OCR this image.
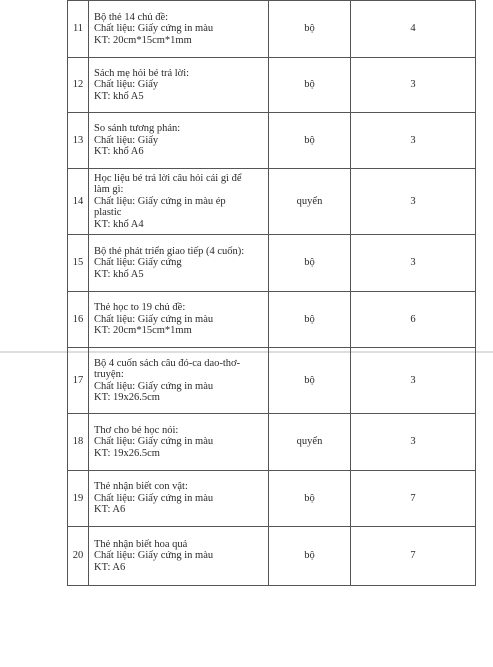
11	Bộ thẻ 14 chủ đề:
Chất liệu: Giấy cứng in màu
KT: 20cm*15cm*1mm	bộ	4
12	Sách mẹ hỏi bé trả lời:
Chất liệu: Giấy
KT: khổ A5	bộ	3
13	So sánh tương phản:
Chất liệu: Giấy
KT: khổ A6	bộ	3
14	Học liệu bé trả lời câu hỏi cái gì để
làm gì:
Chất liệu: Giấy cứng in màu ép
plastic
KT: khổ A4	quyển	3
15	Bộ thẻ phát triển giao tiếp (4 cuốn):
Chất liệu: Giấy cứng
KT: khổ A5	bộ	3
16	Thẻ học to 19 chủ đề:
Chất liệu: Giấy cứng in màu
KT: 20cm*15cm*1mm	bộ	6
17	Bộ 4 cuốn sách câu đó-ca dao-thơ-
truyện:
Chất liệu: Giấy cứng in màu
KT: 19x26.5cm	bộ	3
18	Thơ cho bé học nói:
Chất liệu: Giấy cứng in màu
KT: 19x26.5cm	quyển	3
19	Thẻ nhận biết con vật:
Chất liệu: Giấy cứng in màu
KT: A6	bộ	7
20	Thẻ nhận biết hoa quả
Chất liệu: Giấy cứng in màu
KT: A6	bộ	7
